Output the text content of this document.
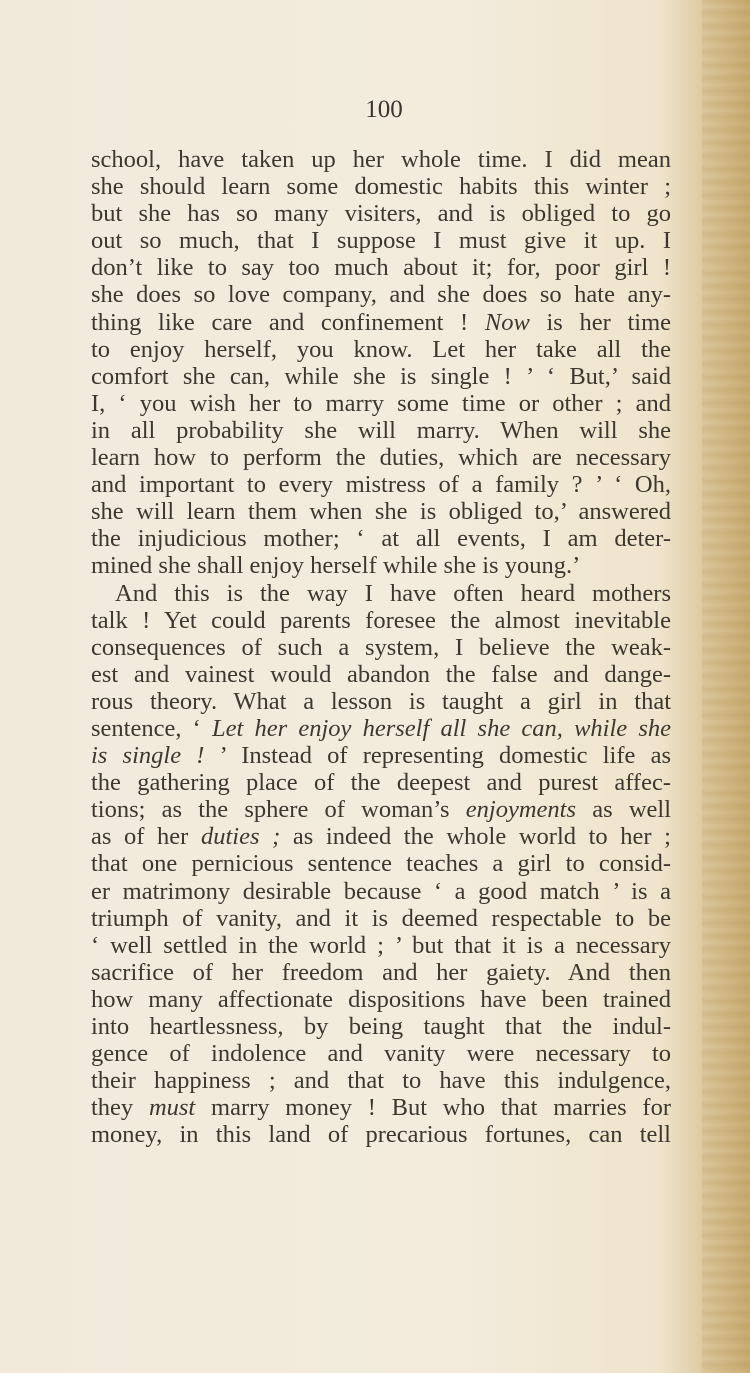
100
school, have taken up her whole time. I did mean
she should learn some domestic habits this winter ;
but she has so many visiters, and is obliged to go
out so much, that I suppose I must give it up. I
don’t like to say too much about it; for, poor girl !
she does so love company, and she does so hate any-
thing like care and confinement ! Now is her time
to enjoy herself, you know. Let her take all the
comfort she can, while she is single ! ’ ‘ But,’ said
I, ‘ you wish her to marry some time or other ; and
in all probability she will marry. When will she
learn how to perform the duties, which are necessary
and important to every mistress of a family ? ’ ‘ Oh,
she will learn them when she is obliged to,’ answered
the injudicious mother; ‘ at all events, I am deter-
mined she shall enjoy herself while she is young.’
And this is the way I have often heard mothers
talk ! Yet could parents foresee the almost inevitable
consequences of such a system, I believe the weak-
est and vainest would abandon the false and dange-
rous theory. What a lesson is taught a girl in that
sentence, ‘ Let her enjoy herself all she can, while she
is single ! ’ Instead of representing domestic life as
the gathering place of the deepest and purest affec-
tions; as the sphere of woman’s enjoyments as well
as of her duties ; as indeed the whole world to her ;
that one pernicious sentence teaches a girl to consid-
er matrimony desirable because ‘ a good match ’ is a
triumph of vanity, and it is deemed respectable to be
‘ well settled in the world ; ’ but that it is a necessary
sacrifice of her freedom and her gaiety. And then
how many affectionate dispositions have been trained
into heartlessness, by being taught that the indul-
gence of indolence and vanity were necessary to
their happiness ; and that to have this indulgence,
they must marry money ! But who that marries for
money, in this land of precarious fortunes, can tell
